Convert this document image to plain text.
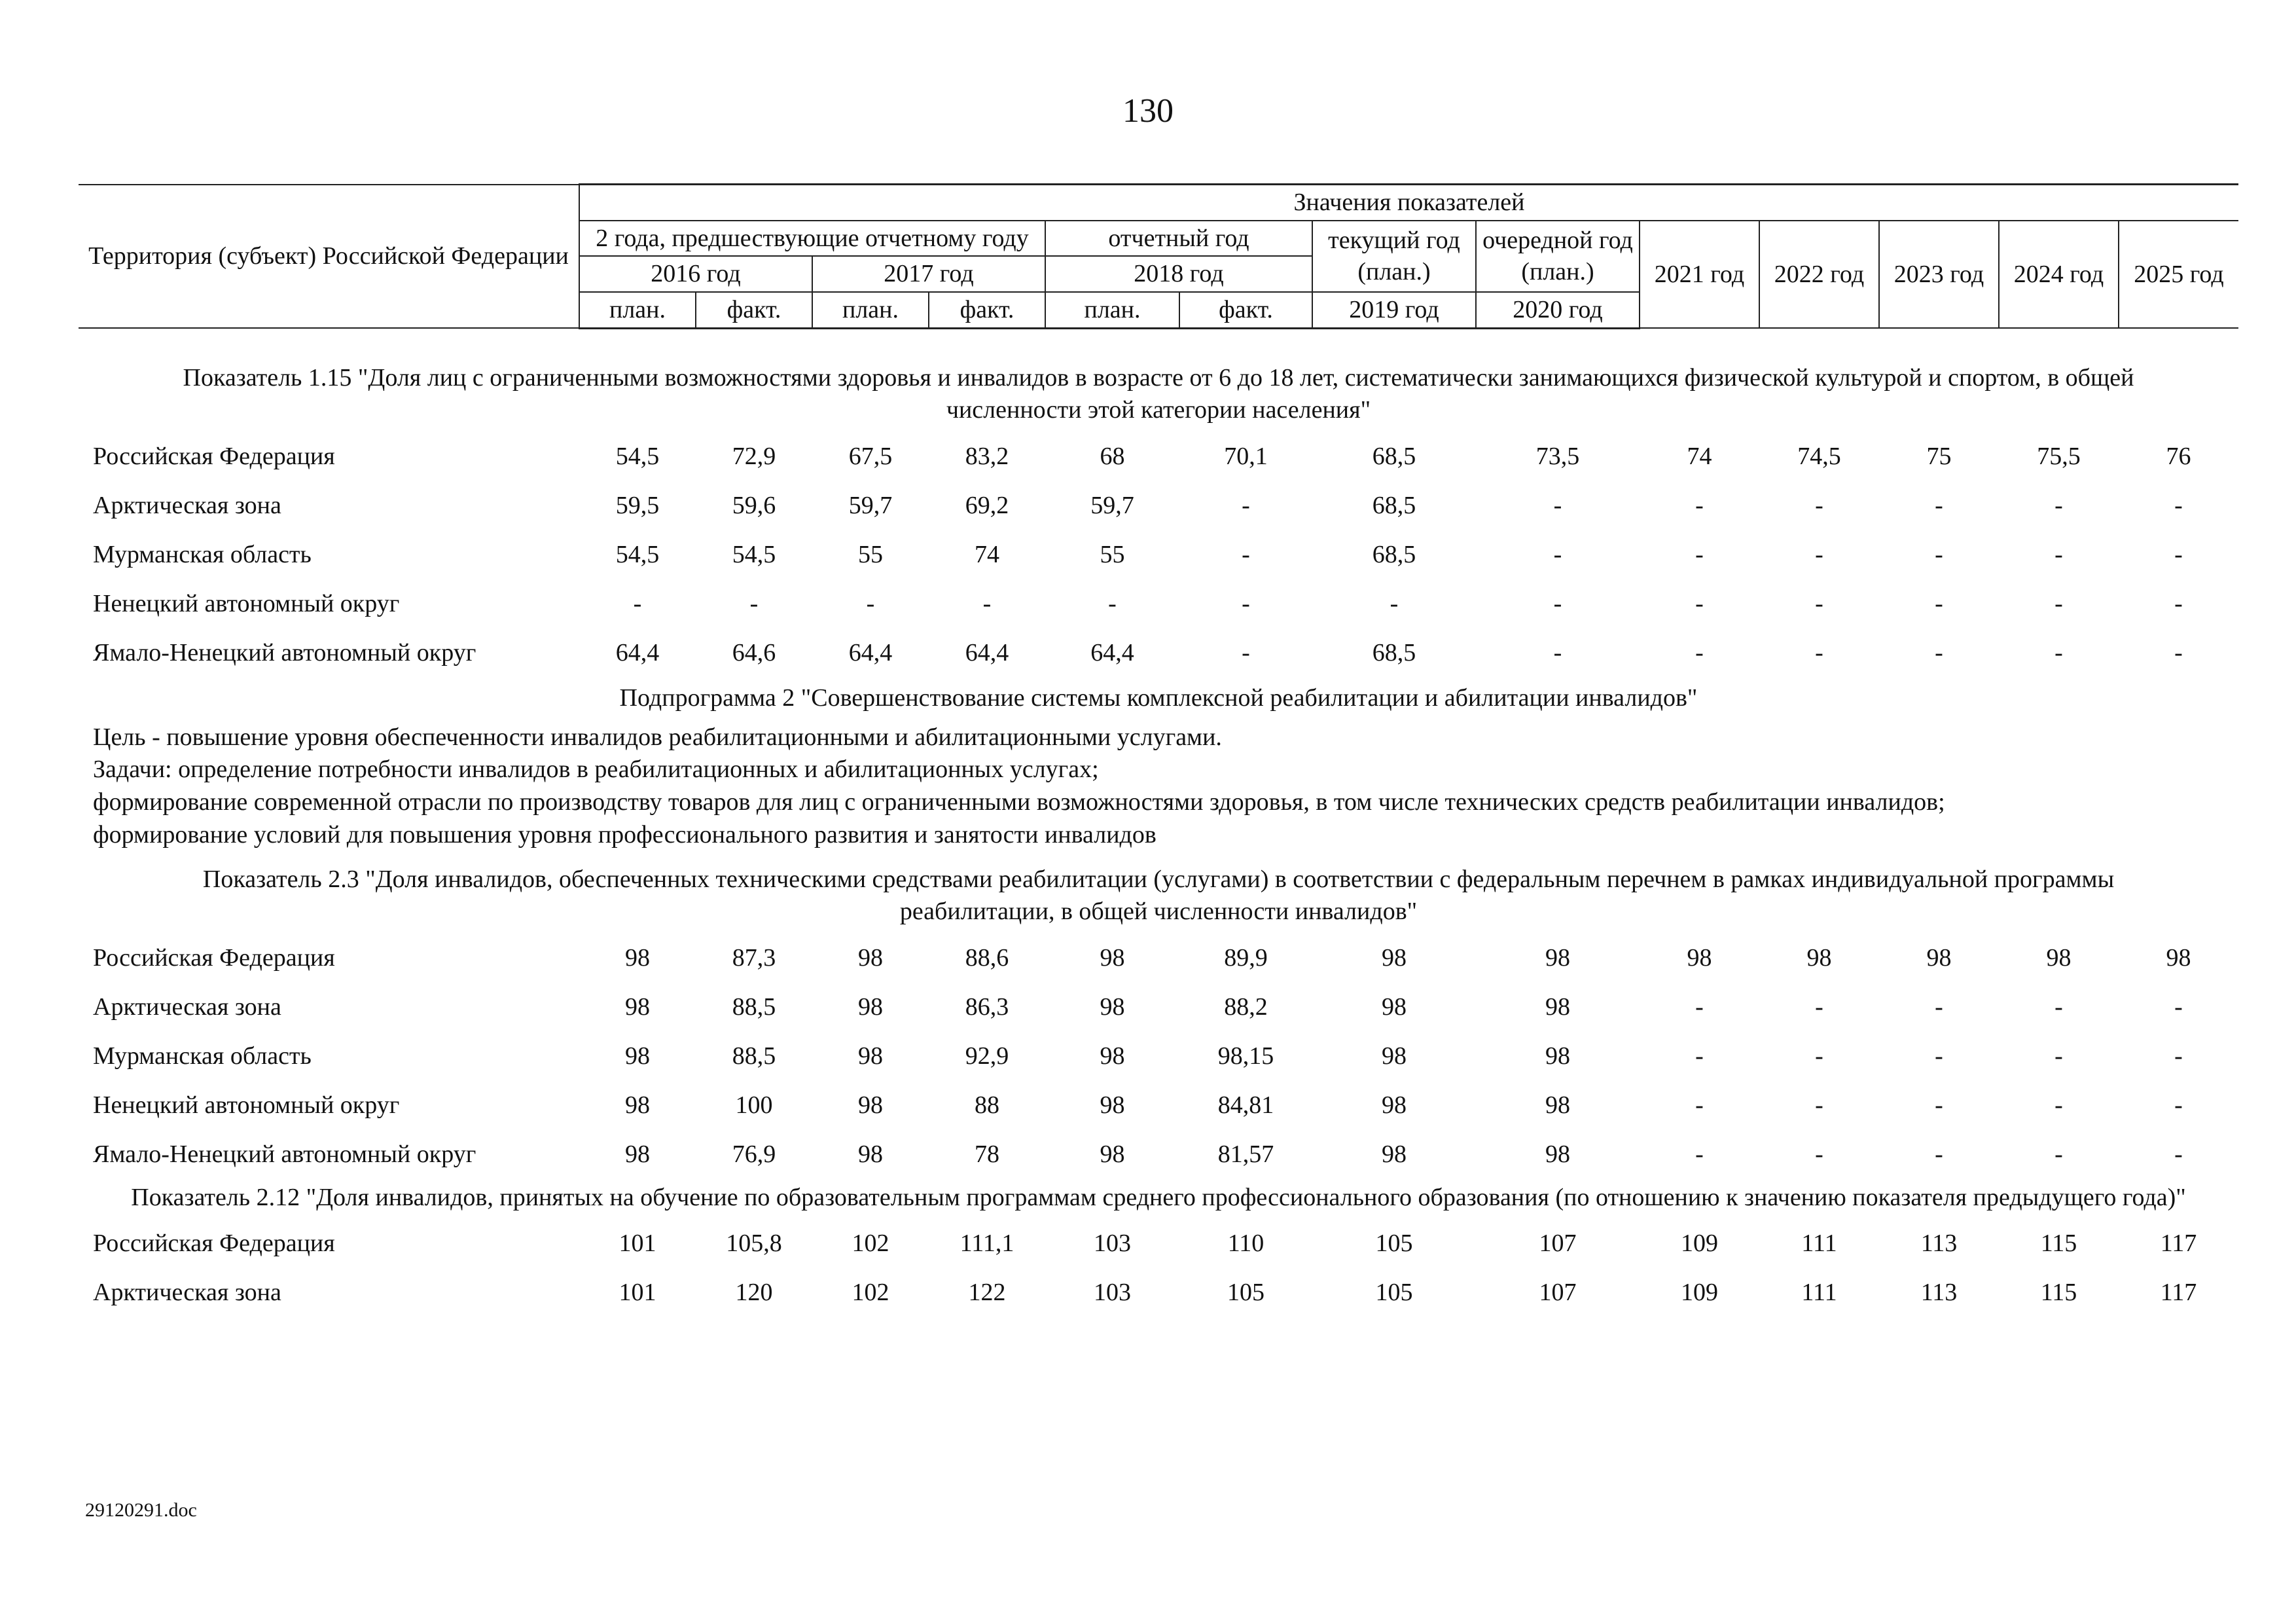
130
Территория (субъект) Российской Федерации	Значения показателей												
	2 года, предшествующие отчетному году				отчетный год		текущий год (план.)	очередной год (план.)	2021 год	2022 год	2023 год	2024 год	2025 год

	2016 год		2017 год		2018 год								
	план.	факт.	план.	факт.	план.	факт.	2019 год	2020 год					
Показатель 1.15 "Доля лиц с ограниченными возможностями здоровья и инвалидов в возрасте от 6 до 18 лет, систематически занимающихся физической культурой и спортом, в общей численности этой категории населения"
Российская Федерация	54,5	72,9	67,5	83,2	68	70,1	68,5	73,5	74	74,5	75	75,5	76
Арктическая зона	59,5	59,6	59,7	69,2	59,7	-	68,5	-	-	-	-	-	-
Мурманская область	54,5	54,5	55	74	55	-	68,5	-	-	-	-	-	-
Ненецкий автономный округ	-	-	-	-	-	-	-	-	-	-	-	-	-
Ямало-Ненецкий автономный округ	64,4	64,6	64,4	64,4	64,4	-	68,5	-	-	-	-	-	-
Подпрограмма 2 "Совершенствование системы комплексной реабилитации и абилитации инвалидов"
Цель - повышение уровня обеспеченности инвалидов реабилитационными и абилитационными услугами.
Задачи: определение потребности инвалидов в реабилитационных и абилитационных услугах;
формирование современной отрасли по производству товаров для лиц с ограниченными возможностями здоровья, в том числе технических средств реабилитации инвалидов;
формирование условий для повышения уровня профессионального развития и занятости инвалидов
Показатель 2.3 "Доля инвалидов, обеспеченных техническими средствами реабилитации (услугами) в соответствии с федеральным перечнем в рамках индивидуальной программы реабилитации, в общей численности инвалидов"
Российская Федерация	98	87,3	98	88,6	98	89,9	98	98	98	98	98	98	98
Арктическая зона	98	88,5	98	86,3	98	88,2	98	98	-	-	-	-	-
Мурманская область	98	88,5	98	92,9	98	98,15	98	98	-	-	-	-	-
Ненецкий автономный округ	98	100	98	88	98	84,81	98	98	-	-	-	-	-
Ямало-Ненецкий автономный округ	98	76,9	98	78	98	81,57	98	98	-	-	-	-	-
Показатель 2.12 "Доля инвалидов, принятых на обучение по образовательным программам среднего профессионального образования (по отношению к значению показателя предыдущего года)"
Российская Федерация	101	105,8	102	111,1	103	110	105	107	109	111	113	115	117
Арктическая зона	101	120	102	122	103	105	105	107	109	111	113	115	117
29120291.doc
